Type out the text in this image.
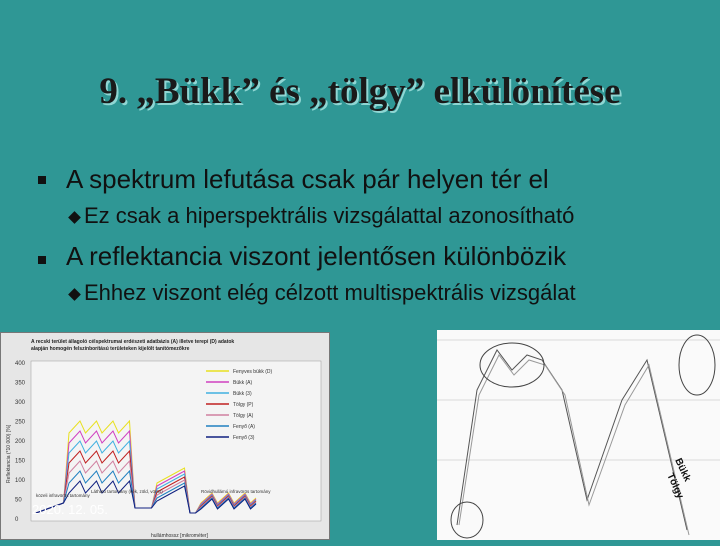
9. „Bükk” és „tölgy” elkülönítése
A spektrum lefutása csak pár helyen tér el
Ez csak a hiperspektrális vizsgálattal azonosítható
A reflektancia viszont jelentősen különbözik
Ehhez viszont elég célzott multispektrális vizsgálat
A recski terület állagoló célspektrumai erdészeti adatbázis (A) illetve terepi (D) adatok
alapján homogén felszínborítású területeken kijelölt tanítómezőkre
400
350
300
250
200
150
100
50
0
Fenyves bükk (D)
Bükk (A)
Bükk (3)
Tölgy (P)
Tölgy (A)
Fenyő (A)
Fenyő (3)
Reflektancia (*10 000) [%]
Látható tartomány (kék, zöld, vörös)
közeli infravörös tartomány
Rövidhullámú infravörös tartomány
hullámhossz [mikrométer]
Bükk
Tölgy
2020. 12. 05.
